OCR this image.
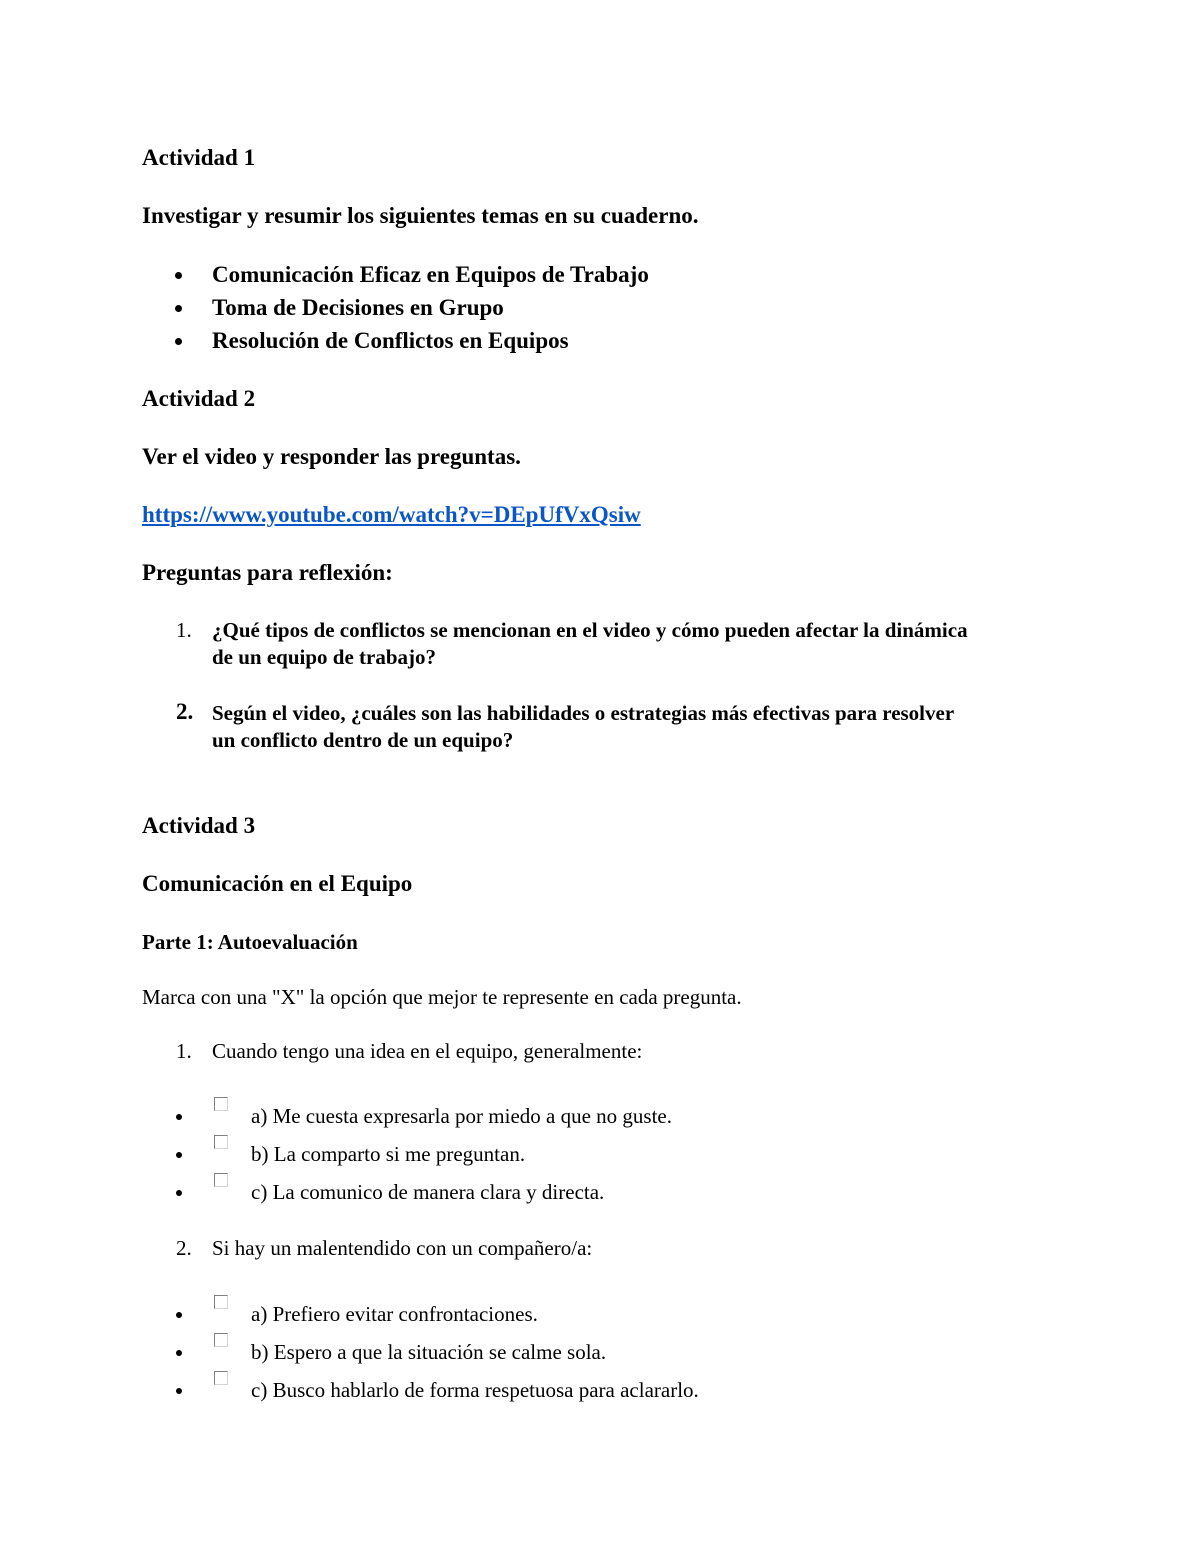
Actividad 1
Investigar y resumir los siguientes temas en su cuaderno.
Comunicación Eficaz en Equipos de Trabajo
Toma de Decisiones en Grupo
Resolución de Conflictos en Equipos
Actividad 2
Ver el video y responder las preguntas.
https://www.youtube.com/watch?v=DEpUfVxQsiw
Preguntas para reflexión:
1. ¿Qué tipos de conflictos se mencionan en el video y cómo pueden afectar la dinámica
de un equipo de trabajo?
2. Según el video, ¿cuáles son las habilidades o estrategias más efectivas para resolver
un conflicto dentro de un equipo?
Actividad 3
Comunicación en el Equipo
Parte 1: Autoevaluación
Marca con una "X" la opción que mejor te represente en cada pregunta.
1. Cuando tengo una idea en el equipo, generalmente:
a) Me cuesta expresarla por miedo a que no guste.
b) La comparto si me preguntan.
c) La comunico de manera clara y directa.
2. Si hay un malentendido con un compañero/a:
a) Prefiero evitar confrontaciones.
b) Espero a que la situación se calme sola.
c) Busco hablarlo de forma respetuosa para aclararlo.
